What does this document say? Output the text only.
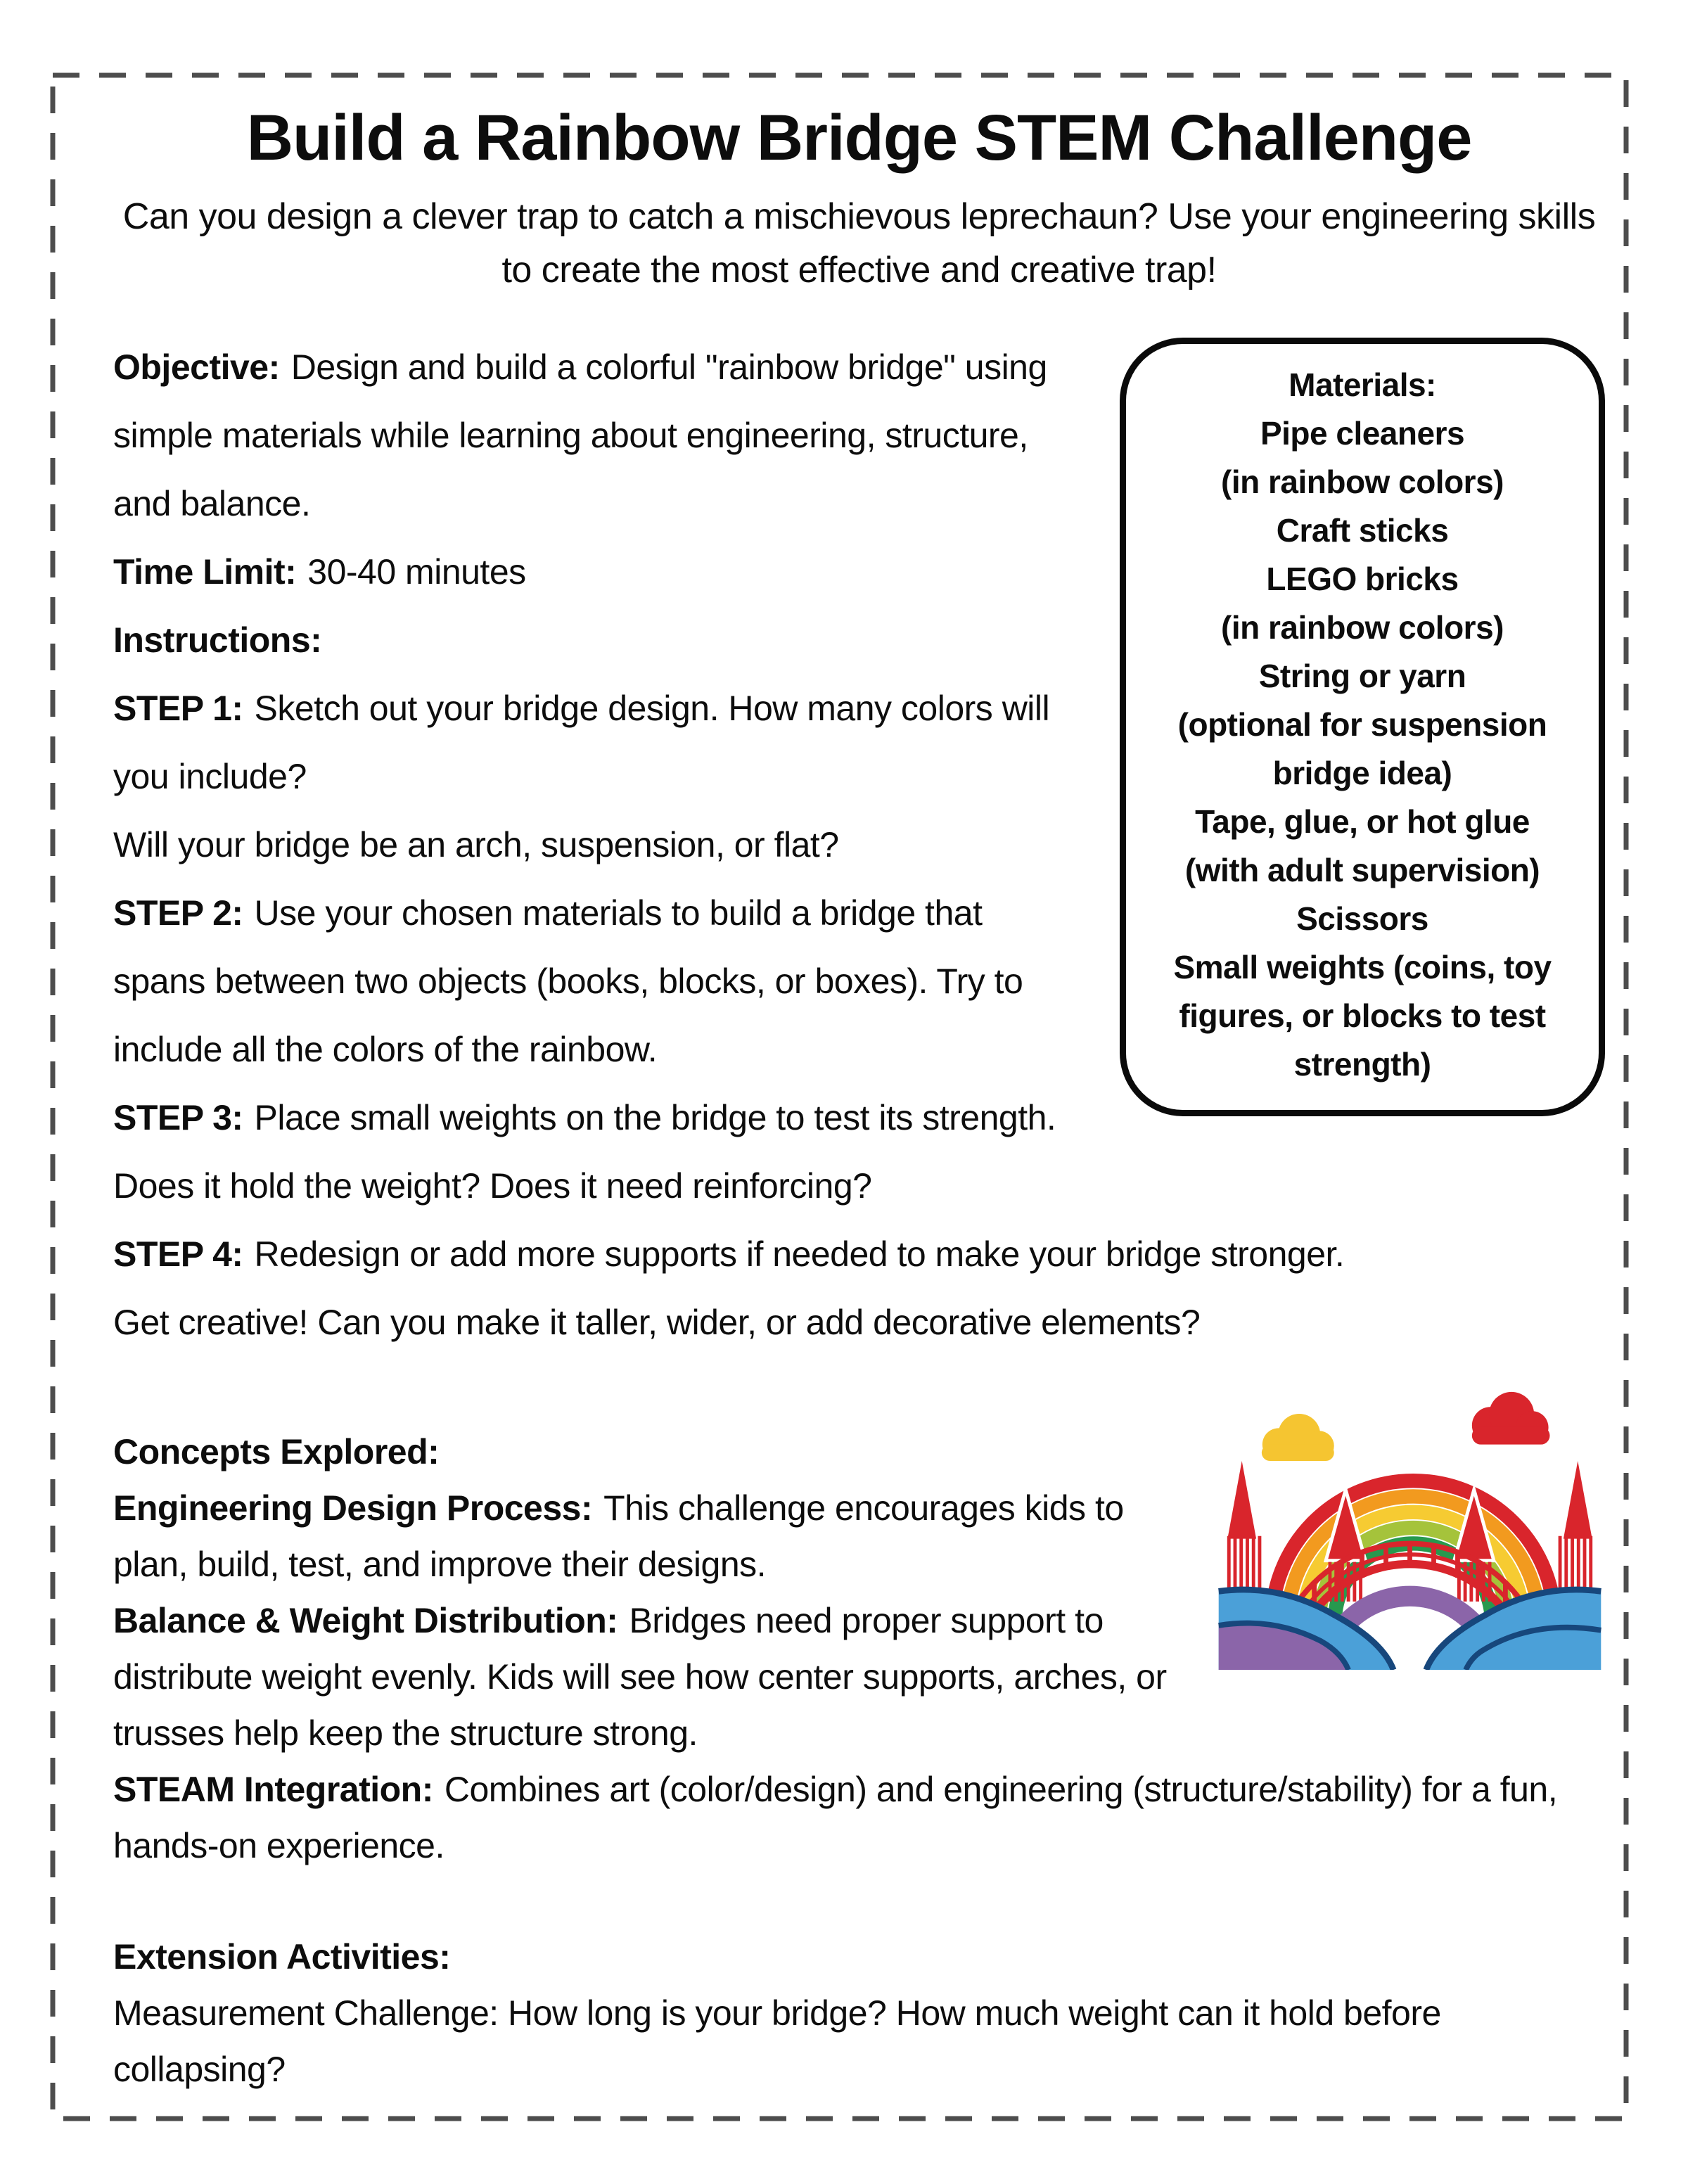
Build a Rainbow Bridge STEM Challenge

Can you design a clever trap to catch a mischievous leprechaun? Use your engineering skills to create the most effective and creative trap!

Materials:
Pipe cleaners
(in rainbow colors)
Craft sticks
LEGO bricks
(in rainbow colors)
String or yarn
(optional for suspension bridge idea)
Tape, glue, or hot glue
(with adult supervision)
Scissors
Small weights (coins, toy figures, or blocks to test strength)

Objective: Design and build a colorful "rainbow bridge" using simple materials while learning about engineering, structure, and balance.

Time Limit: 30-40 minutes

Instructions:

STEP 1: Sketch out your bridge design. How many colors will you include?

Will your bridge be an arch, suspension, or flat?

STEP 2: Use your chosen materials to build a bridge that spans between two objects (books, blocks, or boxes). Try to include all the colors of the rainbow.

STEP 3: Place small weights on the bridge to test its strength. Does it hold the weight? Does it need reinforcing?

STEP 4: Redesign or add more supports if needed to make your bridge stronger.

Get creative! Can you make it taller, wider, or add decorative elements?

Concepts Explored:

Engineering Design Process: This challenge encourages kids to plan, build, test, and improve their designs.

Balance & Weight Distribution: Bridges need proper support to distribute weight evenly. Kids will see how center supports, arches, or trusses help keep the structure strong.

STEAM Integration: Combines art (color/design) and engineering (structure/stability) for a fun, hands-on experience.

Extension Activities:

Measurement Challenge: How long is your bridge? How much weight can it hold before collapsing?
